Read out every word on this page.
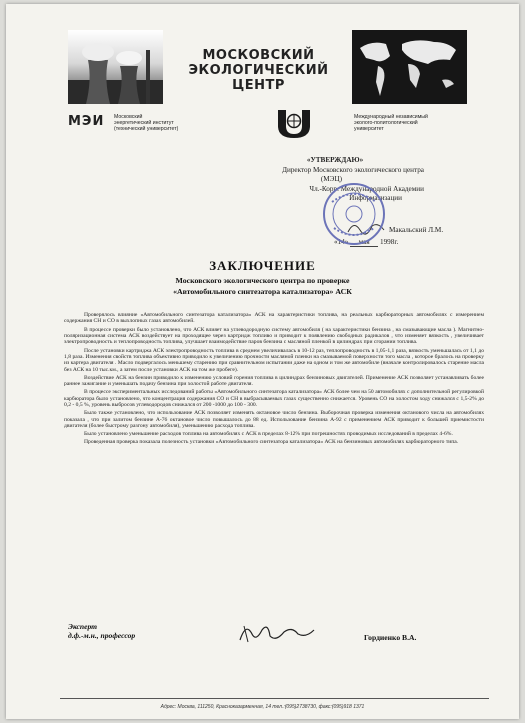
МОСКОВСКИЙ
ЭКОЛОГИЧЕСКИЙ
ЦЕНТР
МЭИ Московский
энергетический институт
(технический университет)
Международный независимый
эколого-политологический
университет
«УТВЕРЖДАЮ»
Директор Московского экологического центра
(МЭЦ)
Чл.-Корр. Международной Академии
Информатизации
Макальский Л.М.
«14» мая 1998г.
ЗАКЛЮЧЕНИЕ
Московского экологического центра по проверке
«Автомобильного синтезатора катализатора» АСК

Проверялось влияние «Автомобильного синтезатора катализатора» АСК на характеристики топлива, на реальных карбюраторных автомобилях с измерением содержания СН и СО в выхлопных газах автомобилей.

В процессе проверки было установлено, что АСК влияет на углеводородную систему автомобиля ( на характеристики бензина , на смазывающие масла ). Магнитно-поляризационная система АСК воздействует на проходящее через картридж топливо и приводит к появлению свободных радикалов , что изменяет вязкость , увеличивает электропроводность и теплопроводность топлива, улучшает взаимодействие паров бензина с масляной пленкой в цилиндрах при сгорании топлива.

После установки картриджа АСК электропроводность топлива в среднем увеличивалась в 10-12 раз, теплопроводность в 1,05-1,1 раза, вязкость уменьшалась от 1,1 до 1,8 раза. Изменения свойств топлива объективно приводило к увеличению прочности масляной пленки на смазываемой поверхности того масла , которое бралось на проверку из картера двигателя . Масло подвергалось меньшему старению при сравнительном испытании даже на одном и том же автомобиле (вначале контролировалось старение масла без АСК на 10 тыс.км., а затем после установки АСК на том же пробеге).

Воздействие АСК на бензин приводило к изменению условий горения топлива в цилиндрах бензиновых двигателей. Применение АСК позволяет устанавливать более раннее зажигание и уменьшать подачу бензина при холостой работе двигателя.

В процессе экспериментальных исследований работы «Автомобильного синтезатора катализатора» АСК более чем на 50 автомобилях с дополнительной регулировкой карбюратора было установлено, что концентрация содержания СО и СН в выбрасываемых газах существенно снижается. Уровень СО на холостом ходу снижался с 1,5-2% до 0,2 - 0,5 %, уровень выбросов углеводородов снижался от 200 -1000 до 100 - 300.

Было также установлено, что использование АСК позволяет изменять октановое число бензина. Выборочная проверка изменения октанового числа на автомобилях показала , что при залитом бензине А-76 октановое число повышалось до 88 ед. Использование бензина А-92 с применением АСК приводит к большей приемистости двигателя (более быстрому разгону автомобиля), уменьшению расхода топлива.

Было установлено уменьшение расходов топлива на автомобилях с АСК в пределах 8-12% при погрешностях проводимых исследований в пределах 4-6%.

Проведенная проверка показала полезность установки «Автомобильного синтезатора катализатора» АСК на бензиновых автомобилях карбюраторного типа.

Эксперт
д.ф.-м.н., профессор	Гордиенко В.А.
Адрес: Москва, 111250, Красноказарменная, 14 тел.:(095)2738730, факс:(095)918 1371
